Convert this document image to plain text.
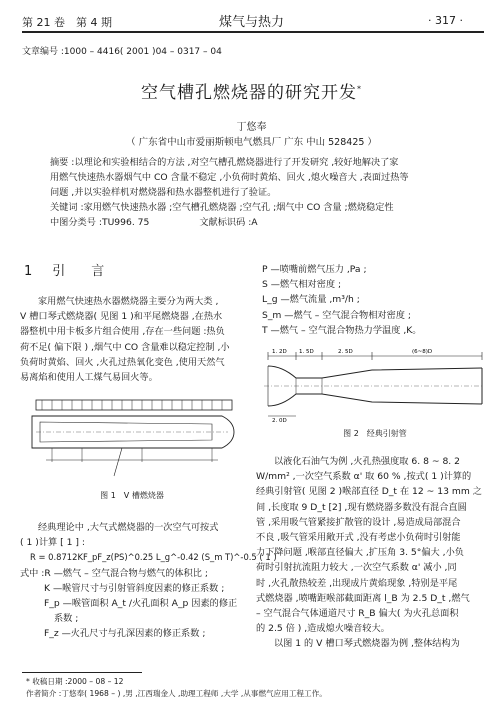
第 21 卷　第 4 期	煤气与热力	· 317 ·
文章编号 :1000 – 4416( 2001 )04 – 0317 – 04
空气槽孔燃烧器的研究开发*
丁悠奉
（ 广东省中山市爱丽斯顿电气燃具厂 广东 中山 528425 ）
摘要 :以理论和实验相结合的方法 ,对空气槽孔燃烧器进行了开发研究 ,较好地解决了家
用燃气快速热水器烟气中 CO 含量不稳定 ,小负荷时黄焰、回火 ,熄火噪音大 ,表面过热等
问题 ,并以实验样机对燃烧器和热水器整机进行了验证。
关键词 :家用燃气快速热水器 ;空气槽孔燃烧器 ;空气孔 ;烟气中 CO 含量 ;燃烧稳定性
中图分类号 :TU996. 75	文献标识码 :A
1 引　　言
家用燃气快速热水器燃烧器主要分为两大类 ,
V 槽口琴式燃烧器( 见图 1 )和平尾燃烧器 ,在热水
器整机中用卡板多片组合使用 ,存在一些问题 :热负
荷不足( 偏下限 ) ,烟气中 CO 含量难以稳定控制 ,小
负荷时黄焰、回火 ,火孔过热氧化变色 ,使用天然气
易离焰和使用人工煤气易回火等。
P —喷嘴前燃气压力 ,Pa ;
S —燃气相对密度 ;
L_g —燃气流量 ,m³/h ;
S_m —燃气 – 空气混合物相对密度 ;
T —燃气 – 空气混合物热力学温度 ,K。
1. 2D 1. 5D	2. 5D	(6~8)D
2. 0D
图 2　经典引射管
图 1　V 槽燃烧器
经典理论中 ,大气式燃烧器的一次空气可按式
( 1 )计算 [ 1 ] :
R = 0.8712KF_pF_z(PS)^0.25 L_g^-0.42 (S_m T)^-0.5 ( 1 )
式中 :R —燃气 – 空气混合物与燃气的体积比 ;
K —喉管尺寸与引射管斜度因素的修正系数 ;
F_p —喉管面积 A_t /火孔面积 A_p 因素的修正
系数 ;
F_z —火孔尺寸与孔深因素的修正系数 ;
以液化石油气为例 ,火孔热强度取 6. 8 ~ 8. 2
W/mm² ,一次空气系数 α' 取 60 % ,按式( 1 )计算的
经典引射管( 见图 2 )喉部直径 D_t 在 12 ~ 13 mm 之
间 ,长度取 9 D_t [2] ,现有燃烧器多数没有混合直圆
管 ,采用吸气管紧接扩散管的设计 ,易造成局部混合
不良 ,吸气管采用敞开式 ,没有考虑小负荷时引射能
力下降问题 ,喉部直径偏大 ,扩压角 3. 5°偏大 ,小负
荷时引射抗流阻力较大 ,一次空气系数 α' 减小 ,同
时 ,火孔散热较差 ,出现成片黄焰现象 ,特别是平尾
式燃烧器 ,喷嘴距喉部截面距离 l_B 为 2.5 D_t ,燃气
– 空气混合气体通道尺寸 R_B 偏大( 为火孔总面积
的 2.5 倍 ) ,造成熄火噪音较大。
以图 1 的 V 槽口琴式燃烧器为例 ,整体结构为
* 收稿日期 :2000 – 08 – 12
作者简介 :丁悠奉( 1968 – ) ,男 ,江西瑞金人 ,助理工程师 ,大学 ,从事燃气应用工程工作。
